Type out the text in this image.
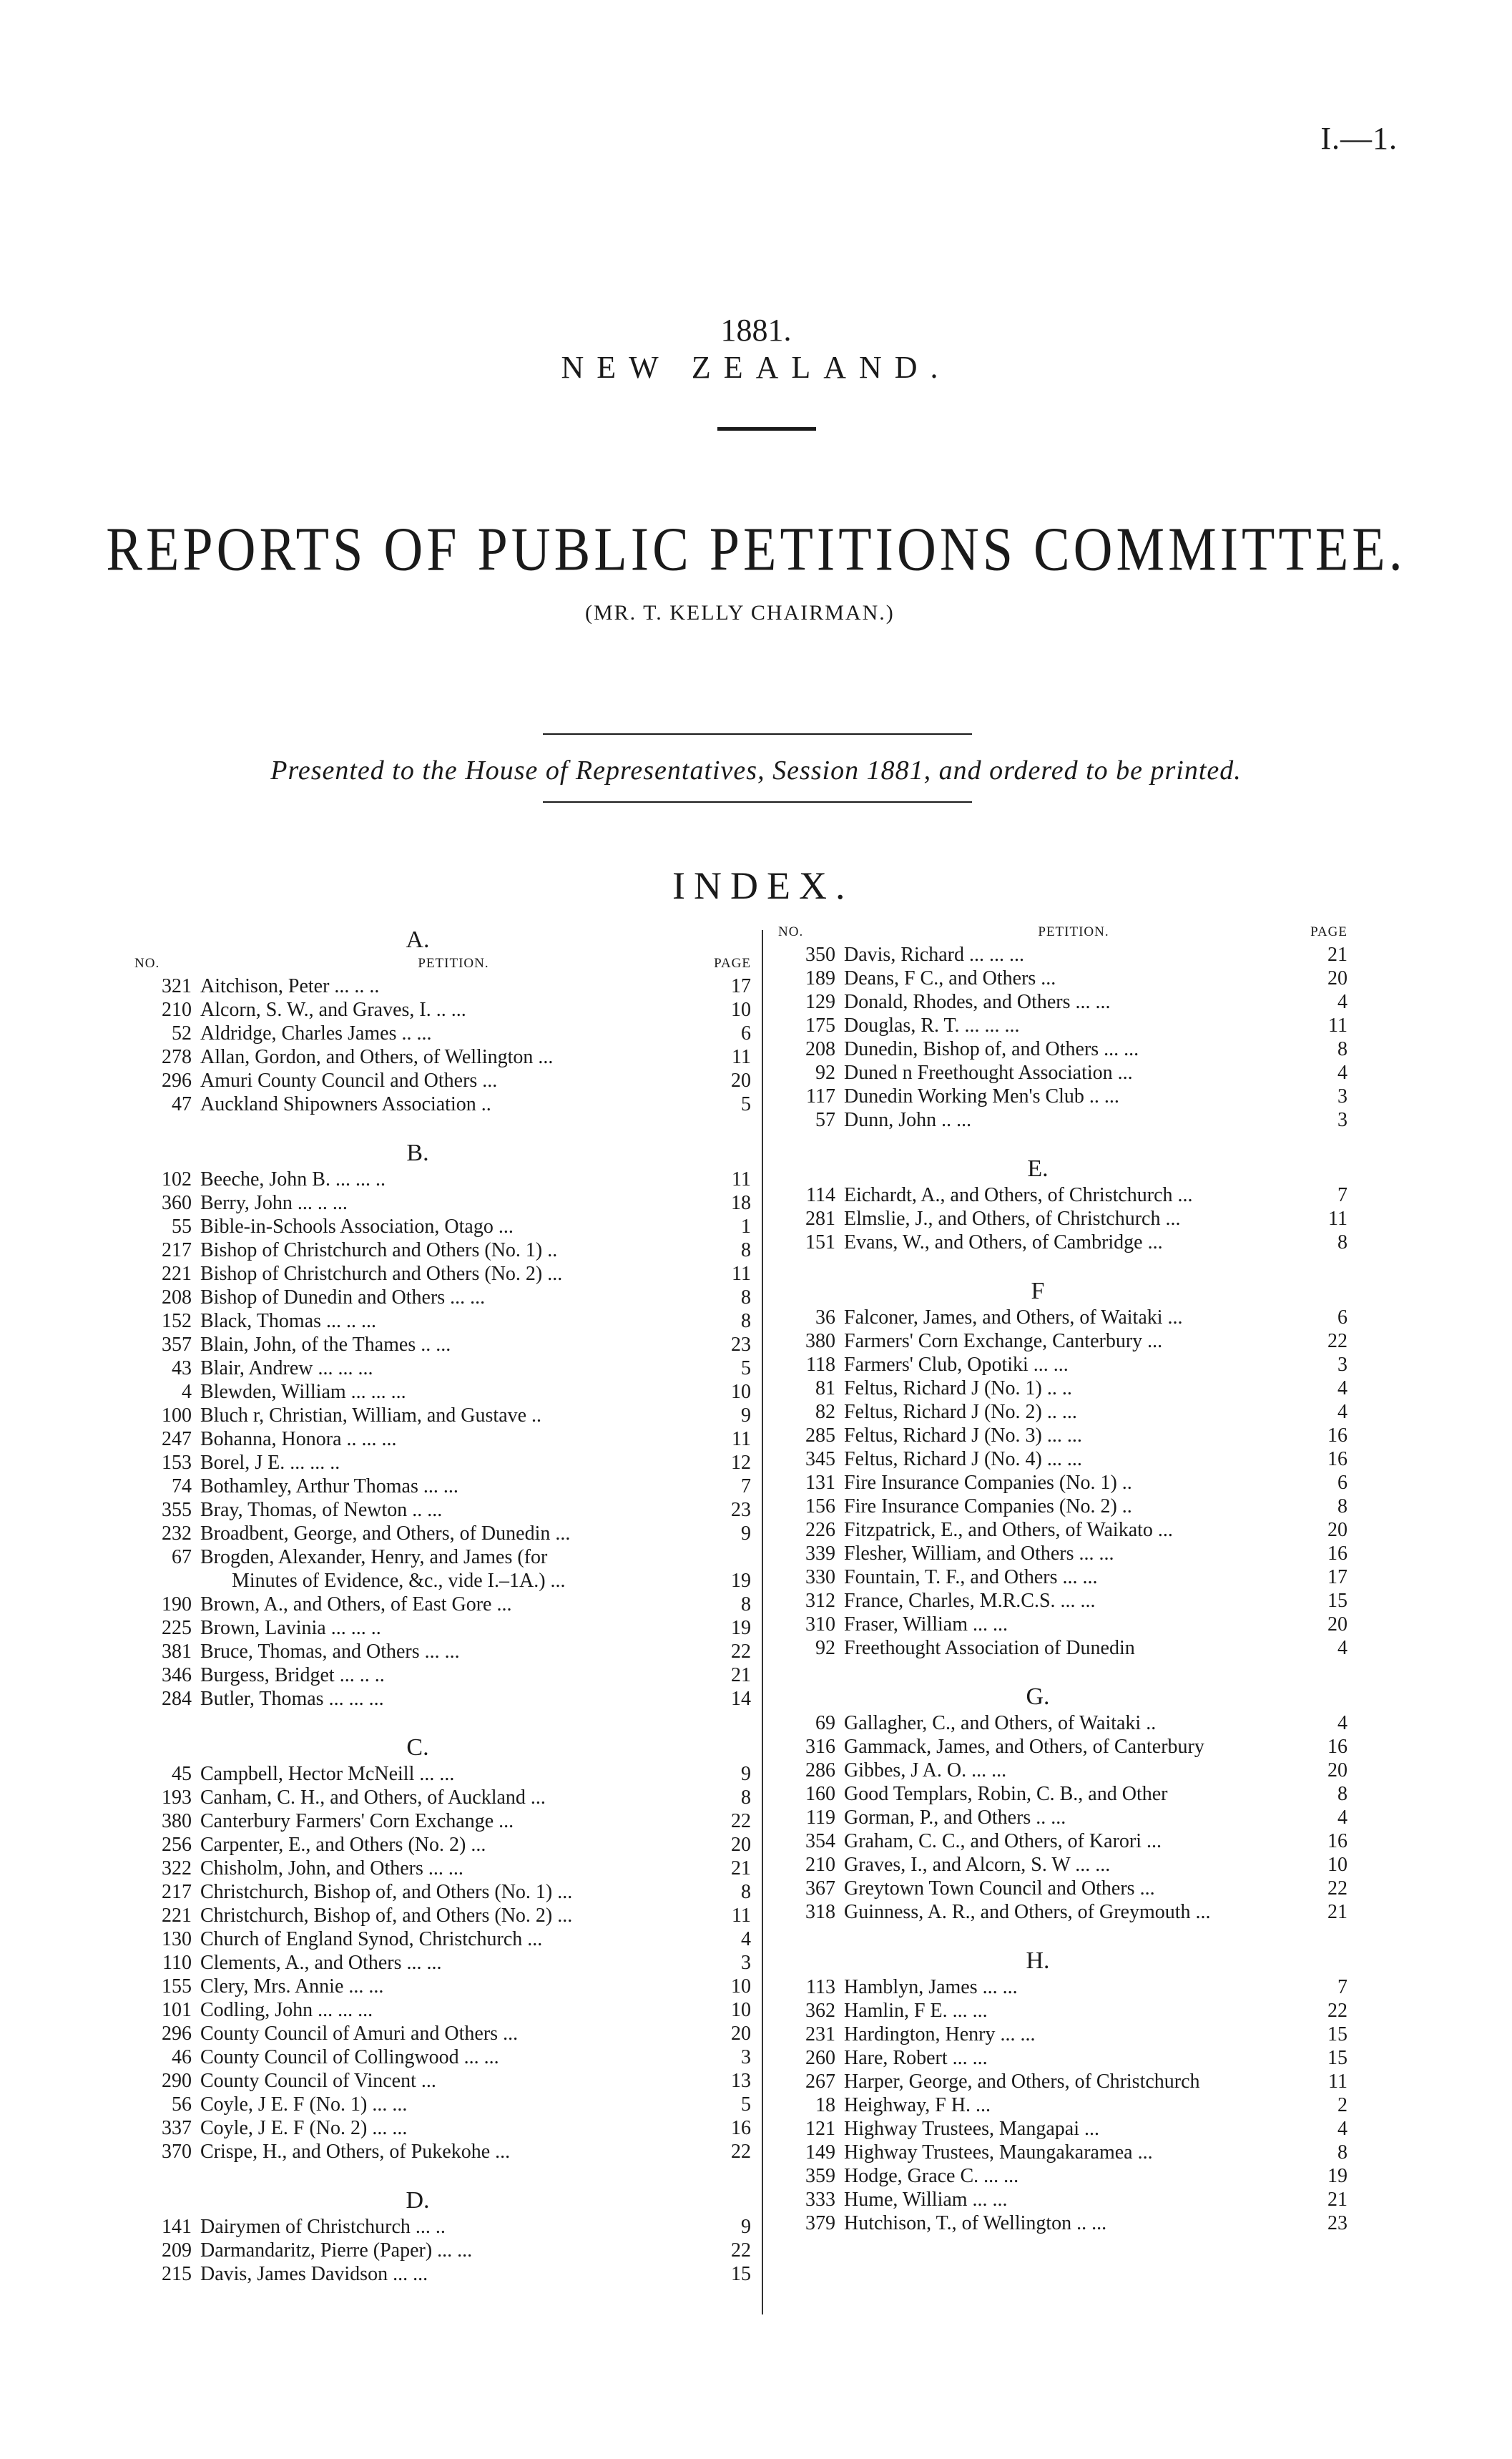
I.—1.
1881.
NEW ZEALAND.
REPORTS OF PUBLIC PETITIONS COMMITTEE.
(MR. T. KELLY CHAIRMAN.)
Presented to the House of Representatives, Session 1881, and ordered to be printed.
INDEX.
A.
NO.	PETITION.	PAGE
321 Aitchison, Peter ... .. ..	17
210 Alcorn, S. W., and Graves, I. .. ...	10
52 Aldridge, Charles James .. ...	6
278 Allan, Gordon, and Others, of Wellington ...	11
296 Amuri County Council and Others ...	20
47 Auckland Shipowners Association ..	5
B.
102 Beeche, John B. ... ... ..	11
360 Berry, John ... .. ...	18
55 Bible-in-Schools Association, Otago ...	1
217 Bishop of Christchurch and Others (No. 1) ..	8
221 Bishop of Christchurch and Others (No. 2) ...	11
208 Bishop of Dunedin and Others ... ...	8
152 Black, Thomas ... .. ...	8
357 Blain, John, of the Thames .. ...	23
43 Blair, Andrew ... ... ...	5
4 Blewden, William ... ... ...	10
100 Bluch r, Christian, William, and Gustave ..	9
247 Bohanna, Honora .. ... ...	11
153 Borel, J E. ... ... ..	12
74 Bothamley, Arthur Thomas ... ...	7
355 Bray, Thomas, of Newton .. ...	23
232 Broadbent, George, and Others, of Dunedin ...	9
67 Brogden, Alexander, Henry, and James (for
Minutes of Evidence, &c., vide I.–1A.) ...	19
190 Brown, A., and Others, of East Gore ...	8
225 Brown, Lavinia ... ... ..	19
381 Bruce, Thomas, and Others ... ...	22
346 Burgess, Bridget ... .. ..	21
284 Butler, Thomas ... ... ...	14
C.
45 Campbell, Hector McNeill ... ...	9
193 Canham, C. H., and Others, of Auckland ...	8
380 Canterbury Farmers' Corn Exchange ...	22
256 Carpenter, E., and Others (No. 2) ...	20
322 Chisholm, John, and Others ... ...	21
217 Christchurch, Bishop of, and Others (No. 1) ...	8
221 Christchurch, Bishop of, and Others (No. 2) ...	11
130 Church of England Synod, Christchurch ...	4
110 Clements, A., and Others ... ...	3
155 Clery, Mrs. Annie ... ...	10
101 Codling, John ... ... ...	10
296 County Council of Amuri and Others ...	20
46 County Council of Collingwood ... ...	3
290 County Council of Vincent ...	13
56 Coyle, J E. F (No. 1) ... ...	5
337 Coyle, J E. F (No. 2) ... ...	16
370 Crispe, H., and Others, of Pukekohe ...	22
D.
141 Dairymen of Christchurch ... ..	9
209 Darmandaritz, Pierre (Paper) ... ...	22
215 Davis, James Davidson ... ...	15
NO.	PETITION.	PAGE
350 Davis, Richard ... ... ...	21
189 Deans, F C., and Others ...	20
129 Donald, Rhodes, and Others ... ...	4
175 Douglas, R. T. ... ... ...	11
208 Dunedin, Bishop of, and Others ... ...	8
92 Duned n Freethought Association ...	4
117 Dunedin Working Men's Club .. ...	3
57 Dunn, John .. ...	3
E.
114 Eichardt, A., and Others, of Christchurch ...	7
281 Elmslie, J., and Others, of Christchurch ...	11
151 Evans, W., and Others, of Cambridge ...	8
F
36 Falconer, James, and Others, of Waitaki ...	6
380 Farmers' Corn Exchange, Canterbury ...	22
118 Farmers' Club, Opotiki ... ...	3
81 Feltus, Richard J (No. 1) .. ..	4
82 Feltus, Richard J (No. 2) .. ...	4
285 Feltus, Richard J (No. 3) ... ...	16
345 Feltus, Richard J (No. 4) ... ...	16
131 Fire Insurance Companies (No. 1) ..	6
156 Fire Insurance Companies (No. 2) ..	8
226 Fitzpatrick, E., and Others, of Waikato ...	20
339 Flesher, William, and Others ... ...	16
330 Fountain, T. F., and Others ... ...	17
312 France, Charles, M.R.C.S. ... ...	15
310 Fraser, William ... ...	20
92 Freethought Association of Dunedin	4
G.
69 Gallagher, C., and Others, of Waitaki ..	4
316 Gammack, James, and Others, of Canterbury	16
286 Gibbes, J A. O. ... ...	20
160 Good Templars, Robin, C. B., and Other	8
119 Gorman, P., and Others .. ...	4
354 Graham, C. C., and Others, of Karori ...	16
210 Graves, I., and Alcorn, S. W ... ...	10
367 Greytown Town Council and Others ...	22
318 Guinness, A. R., and Others, of Greymouth ...	21
H.
113 Hamblyn, James ... ...	7
362 Hamlin, F E. ... ...	22
231 Hardington, Henry ... ...	15
260 Hare, Robert ... ...	15
267 Harper, George, and Others, of Christchurch	11
18 Heighway, F H. ...	2
121 Highway Trustees, Mangapai ...	4
149 Highway Trustees, Maungakaramea ...	8
359 Hodge, Grace C. ... ...	19
333 Hume, William ... ...	21
379 Hutchison, T., of Wellington .. ...	23
